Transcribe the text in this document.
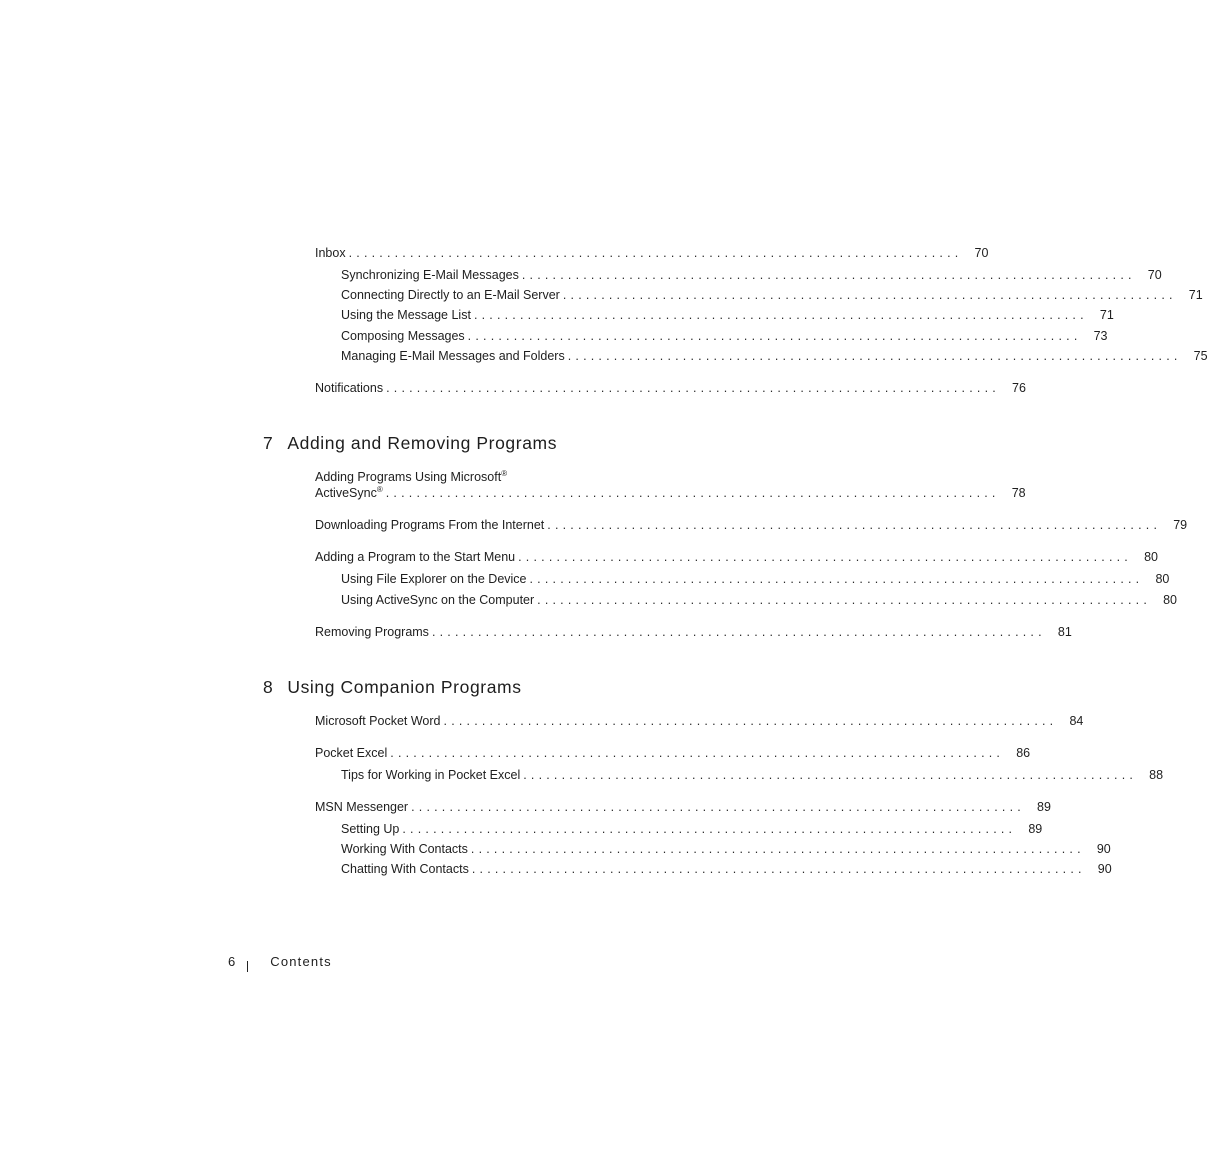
Inbox ................................................................................ 70
Synchronizing E-Mail Messages ................................................................................ 70
Connecting Directly to an E-Mail Server ................................................................................ 71
Using the Message List ................................................................................ 71
Composing Messages ................................................................................ 73
Managing E-Mail Messages and Folders ................................................................................ 75
Notifications ................................................................................ 76
7 Adding and Removing Programs
Adding Programs Using Microsoft®
ActiveSync® ................................................................................ 78
Downloading Programs From the Internet ................................................................................ 79
Adding a Program to the Start Menu ................................................................................ 80
Using File Explorer on the Device ................................................................................ 80
Using ActiveSync on the Computer ................................................................................ 80
Removing Programs ................................................................................ 81
8 Using Companion Programs
Microsoft Pocket Word ................................................................................ 84
Pocket Excel ................................................................................ 86
Tips for Working in Pocket Excel ................................................................................ 88
MSN Messenger ................................................................................ 89
Setting Up ................................................................................ 89
Working With Contacts ................................................................................ 90
Chatting With Contacts ................................................................................ 90
6	Contents
